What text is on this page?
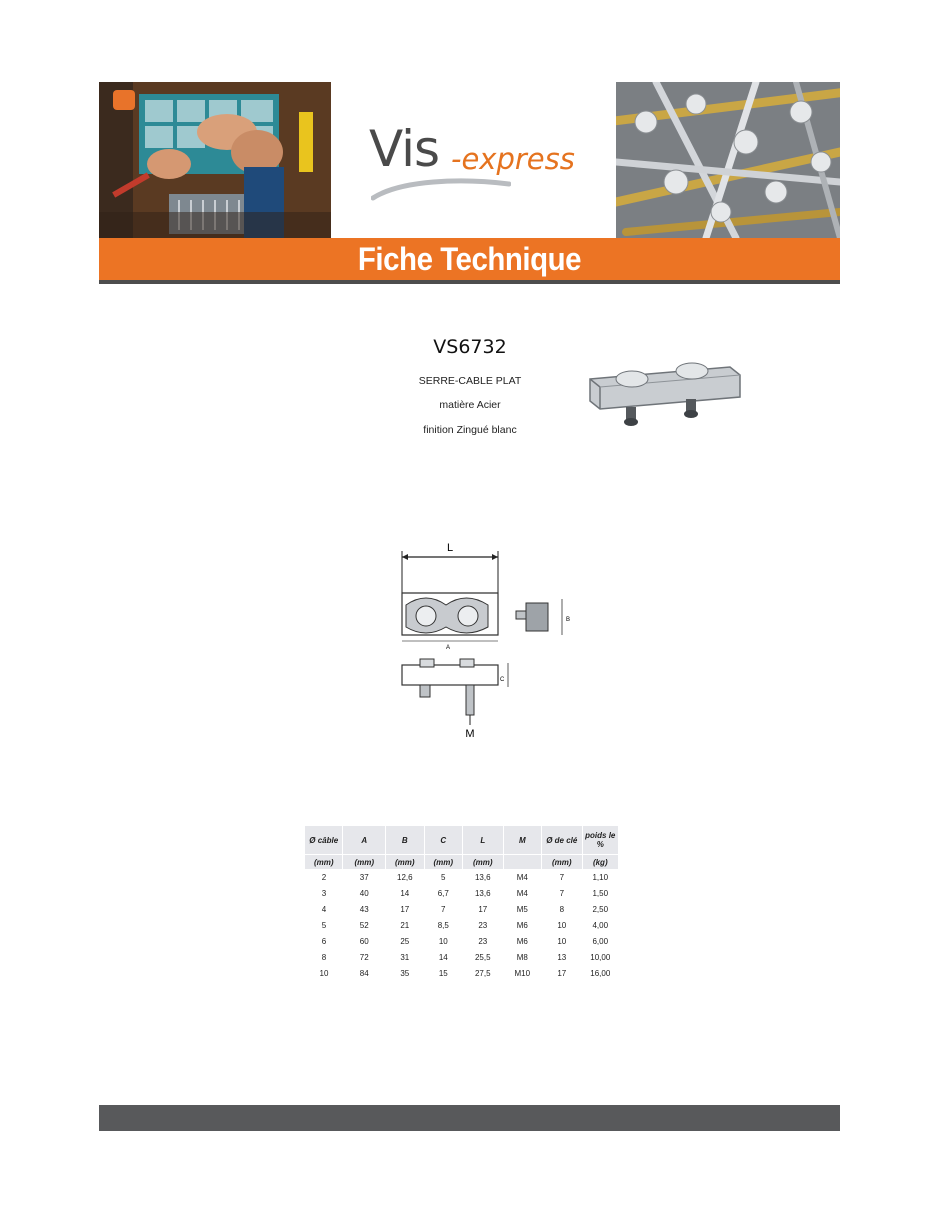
Vis -express
Fiche Technique
VS6732
SERRE-CABLE PLAT
matière Acier
finition Zingué blanc
L
A
B
C
M
Ø câble	A	B	C	L	M	Ø de clé	poids le %
(mm)	(mm)	(mm)	(mm)	(mm)		(mm)	(kg)
2	37	12,6	5	13,6	M4	7	1,10
3	40	14	6,7	13,6	M4	7	1,50
4	43	17	7	17	M5	8	2,50
5	52	21	8,5	23	M6	10	4,00
6	60	25	10	23	M6	10	6,00
8	72	31	14	25,5	M8	13	10,00
10	84	35	15	27,5	M10	17	16,00
